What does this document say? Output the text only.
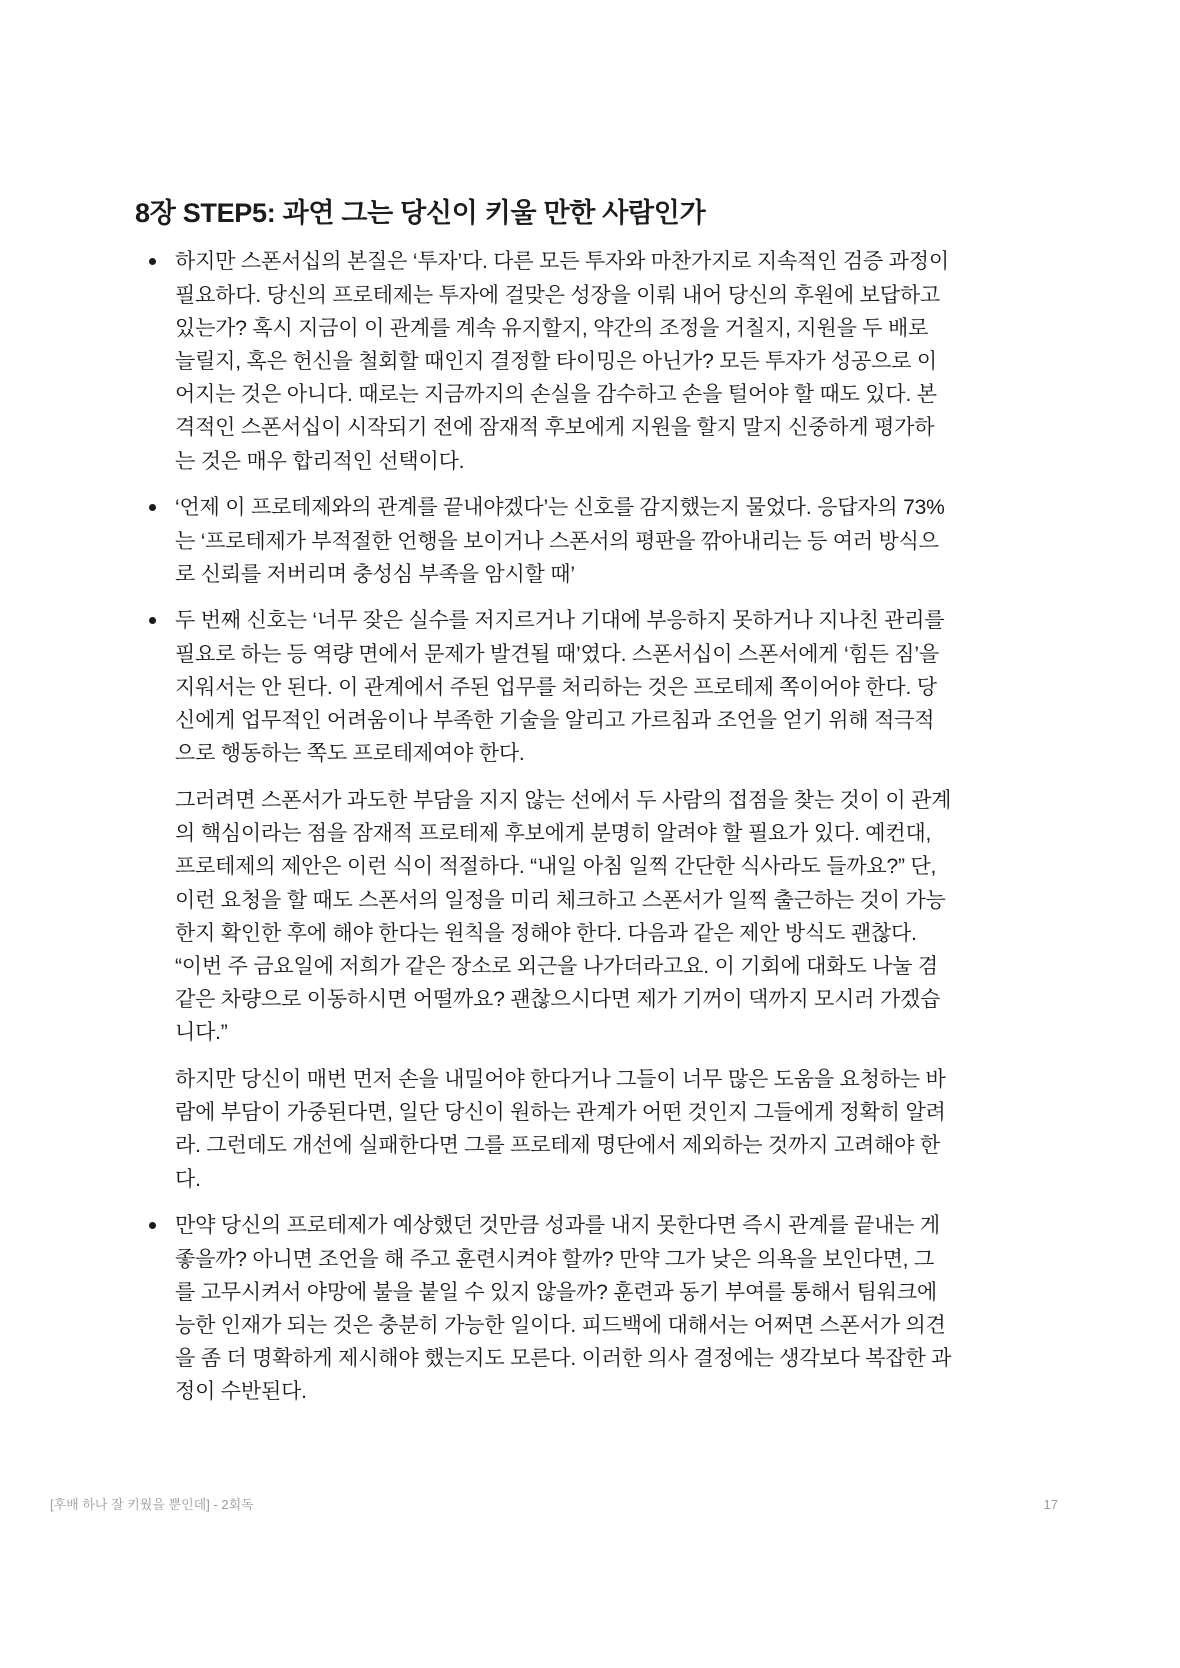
8장 STEP5: 과연 그는 당신이 키울 만한 사람인가
하지만 스폰서십의 본질은 ‘투자’다. 다른 모든 투자와 마찬가지로 지속적인 검증 과정이
필요하다. 당신의 프로테제는 투자에 걸맞은 성장을 이뤄 내어 당신의 후원에 보답하고
있는가? 혹시 지금이 이 관계를 계속 유지할지, 약간의 조정을 거칠지, 지원을 두 배로
늘릴지, 혹은 헌신을 철회할 때인지 결정할 타이밍은 아닌가? 모든 투자가 성공으로 이
어지는 것은 아니다. 때로는 지금까지의 손실을 감수하고 손을 털어야 할 때도 있다. 본
격적인 스폰서십이 시작되기 전에 잠재적 후보에게 지원을 할지 말지 신중하게 평가하
는 것은 매우 합리적인 선택이다.
‘언제 이 프로테제와의 관계를 끝내야겠다’는 신호를 감지했는지 물었다. 응답자의 73%
는 ‘프로테제가 부적절한 언행을 보이거나 스폰서의 평판을 깎아내리는 등 여러 방식으
로 신뢰를 저버리며 충성심 부족을 암시할 때’
두 번째 신호는 ‘너무 잦은 실수를 저지르거나 기대에 부응하지 못하거나 지나친 관리를
필요로 하는 등 역량 면에서 문제가 발견될 때’였다. 스폰서십이 스폰서에게 ‘힘든 짐’을
지워서는 안 된다. 이 관계에서 주된 업무를 처리하는 것은 프로테제 쪽이어야 한다. 당
신에게 업무적인 어려움이나 부족한 기술을 알리고 가르침과 조언을 얻기 위해 적극적
으로 행동하는 쪽도 프로테제여야 한다.
그러려면 스폰서가 과도한 부담을 지지 않는 선에서 두 사람의 접점을 찾는 것이 이 관계
의 핵심이라는 점을 잠재적 프로테제 후보에게 분명히 알려야 할 필요가 있다. 예컨대,
프로테제의 제안은 이런 식이 적절하다. “내일 아침 일찍 간단한 식사라도 들까요?” 단,
이런 요청을 할 때도 스폰서의 일정을 미리 체크하고 스폰서가 일찍 출근하는 것이 가능
한지 확인한 후에 해야 한다는 원칙을 정해야 한다. 다음과 같은 제안 방식도 괜찮다.
“이번 주 금요일에 저희가 같은 장소로 외근을 나가더라고요. 이 기회에 대화도 나눌 겸
같은 차량으로 이동하시면 어떨까요? 괜찮으시다면 제가 기꺼이 댁까지 모시러 가겠습
니다.”
하지만 당신이 매번 먼저 손을 내밀어야 한다거나 그들이 너무 많은 도움을 요청하는 바
람에 부담이 가중된다면, 일단 당신이 원하는 관계가 어떤 것인지 그들에게 정확히 알려
라. 그런데도 개선에 실패한다면 그를 프로테제 명단에서 제외하는 것까지 고려해야 한
다.
만약 당신의 프로테제가 예상했던 것만큼 성과를 내지 못한다면 즉시 관계를 끝내는 게
좋을까? 아니면 조언을 해 주고 훈련시켜야 할까? 만약 그가 낮은 의욕을 보인다면, 그
를 고무시켜서 야망에 불을 붙일 수 있지 않을까? 훈련과 동기 부여를 통해서 팀워크에
능한 인재가 되는 것은 충분히 가능한 일이다. 피드백에 대해서는 어쩌면 스폰서가 의견
을 좀 더 명확하게 제시해야 했는지도 모른다. 이러한 의사 결정에는 생각보다 복잡한 과
정이 수반된다.
[후배 하나 잘 키웠을 뿐인데] - 2회독	17
